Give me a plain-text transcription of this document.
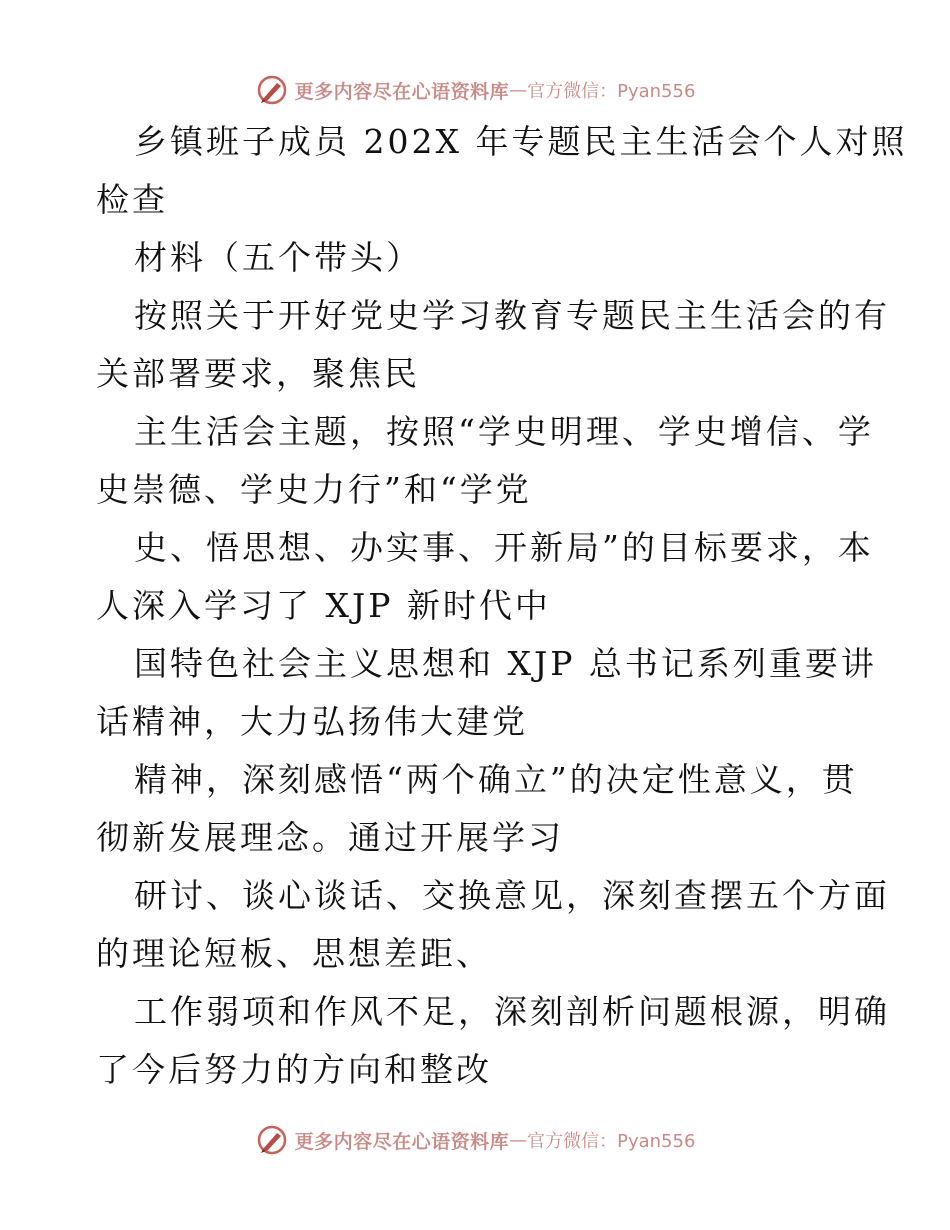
更多内容尽在心语资料库 — 官方微信：Pyan556
乡镇班子成员 202X 年专题民主生活会个人对照
检查
材料（五个带头）
按照关于开好党史学习教育专题民主生活会的有
关部署要求，聚焦民
主生活会主题，按照“学史明理、学史增信、学
史崇德、学史力行”和“学党
史、悟思想、办实事、开新局”的目标要求，本
人深入学习了 XJP 新时代中
国特色社会主义思想和 XJP 总书记系列重要讲
话精神，大力弘扬伟大建党
精神，深刻感悟“两个确立”的决定性意义，贯
彻新发展理念。通过开展学习
研讨、谈心谈话、交换意见，深刻查摆五个方面
的理论短板、思想差距、
工作弱项和作风不足，深刻剖析问题根源，明确
了今后努力的方向和整改
更多内容尽在心语资料库 — 官方微信：Pyan556
